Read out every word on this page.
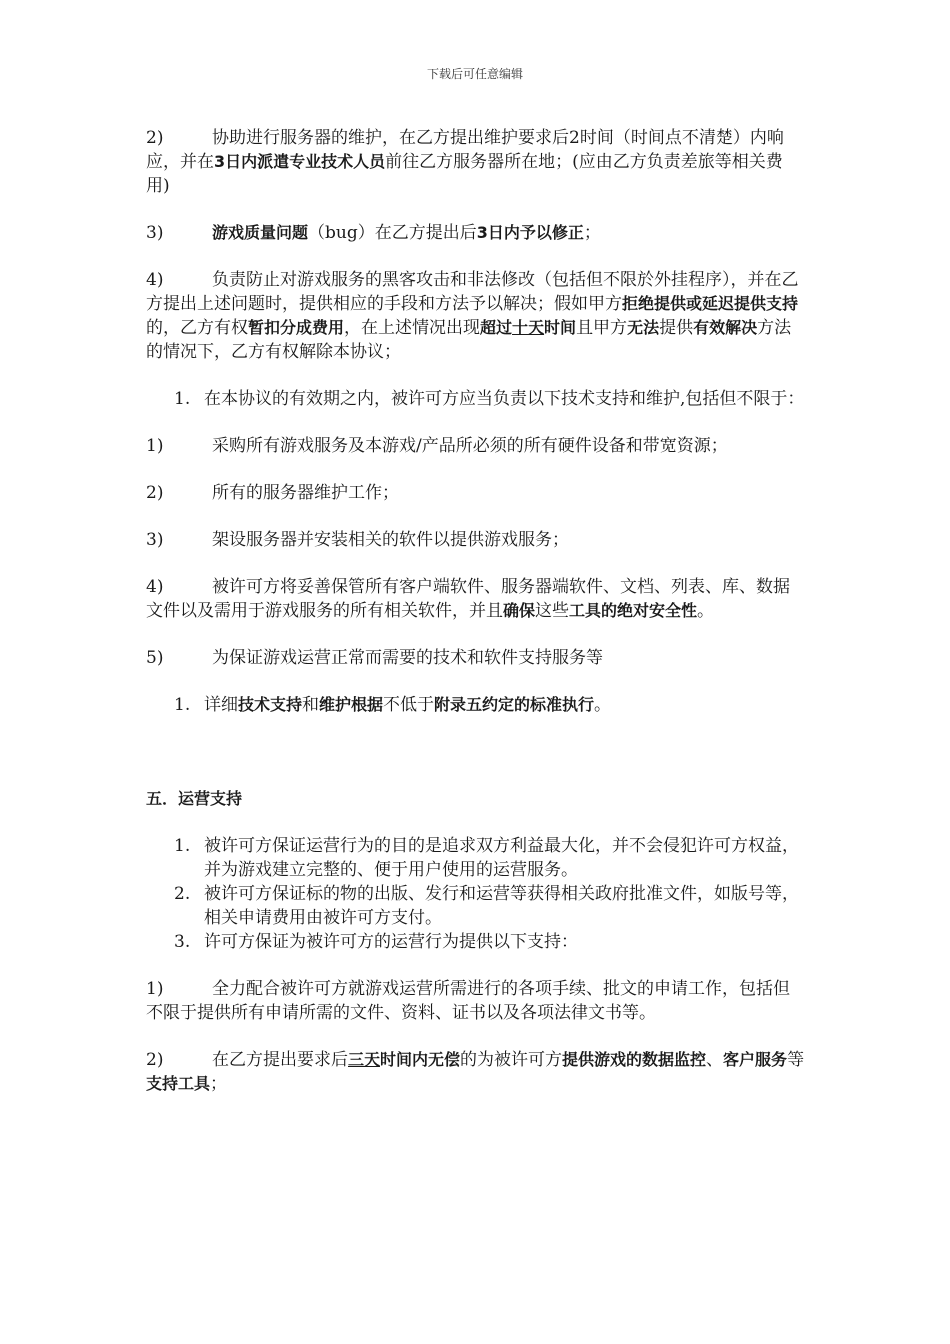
下载后可任意编辑

2)	协助进行服务器的维护，在乙方提出维护要求后2时间（时间点不清楚）内响应，并在3日内派遣专业技术人员前往乙方服务器所在地；(应由乙方负责差旅等相关费用)

3)	游戏质量问题（bug）在乙方提出后3日内予以修正；

4)	负责防止对游戏服务的黑客攻击和非法修改（包括但不限於外挂程序），并在乙方提出上述问题时，提供相应的手段和方法予以解决；假如甲方拒绝提供或延迟提供支持的，乙方有权暂扣分成费用，在上述情况出现超过十天时间且甲方无法提供有效解决方法的情况下，乙方有权解除本协议；

1. 在本协议的有效期之内，被许可方应当负责以下技术支持和维护,包括但不限于：

1)	采购所有游戏服务及本游戏/产品所必须的所有硬件设备和带宽资源；

2)	所有的服务器维护工作；

3)	架设服务器并安装相关的软件以提供游戏服务；

4)	被许可方将妥善保管所有客户端软件、服务器端软件、文档、列表、库、数据文件以及需用于游戏服务的所有相关软件，并且确保这些工具的绝对安全性。

5)	为保证游戏运营正常而需要的技术和软件支持服务等

1. 详细技术支持和维护根据不低于附录五约定的标准执行。

五．运营支持

1. 被许可方保证运营行为的目的是追求双方利益最大化，并不会侵犯许可方权益，并为游戏建立完整的、便于用户使用的运营服务。

2. 被许可方保证标的物的出版、发行和运营等获得相关政府批准文件，如版号等，相关申请费用由被许可方支付。

3. 许可方保证为被许可方的运营行为提供以下支持：

1)	全力配合被许可方就游戏运营所需进行的各项手续、批文的申请工作，包括但不限于提供所有申请所需的文件、资料、证书以及各项法律文书等。

2)	在乙方提出要求后三天时间内无偿的为被许可方提供游戏的数据监控、客户服务等支持工具；
